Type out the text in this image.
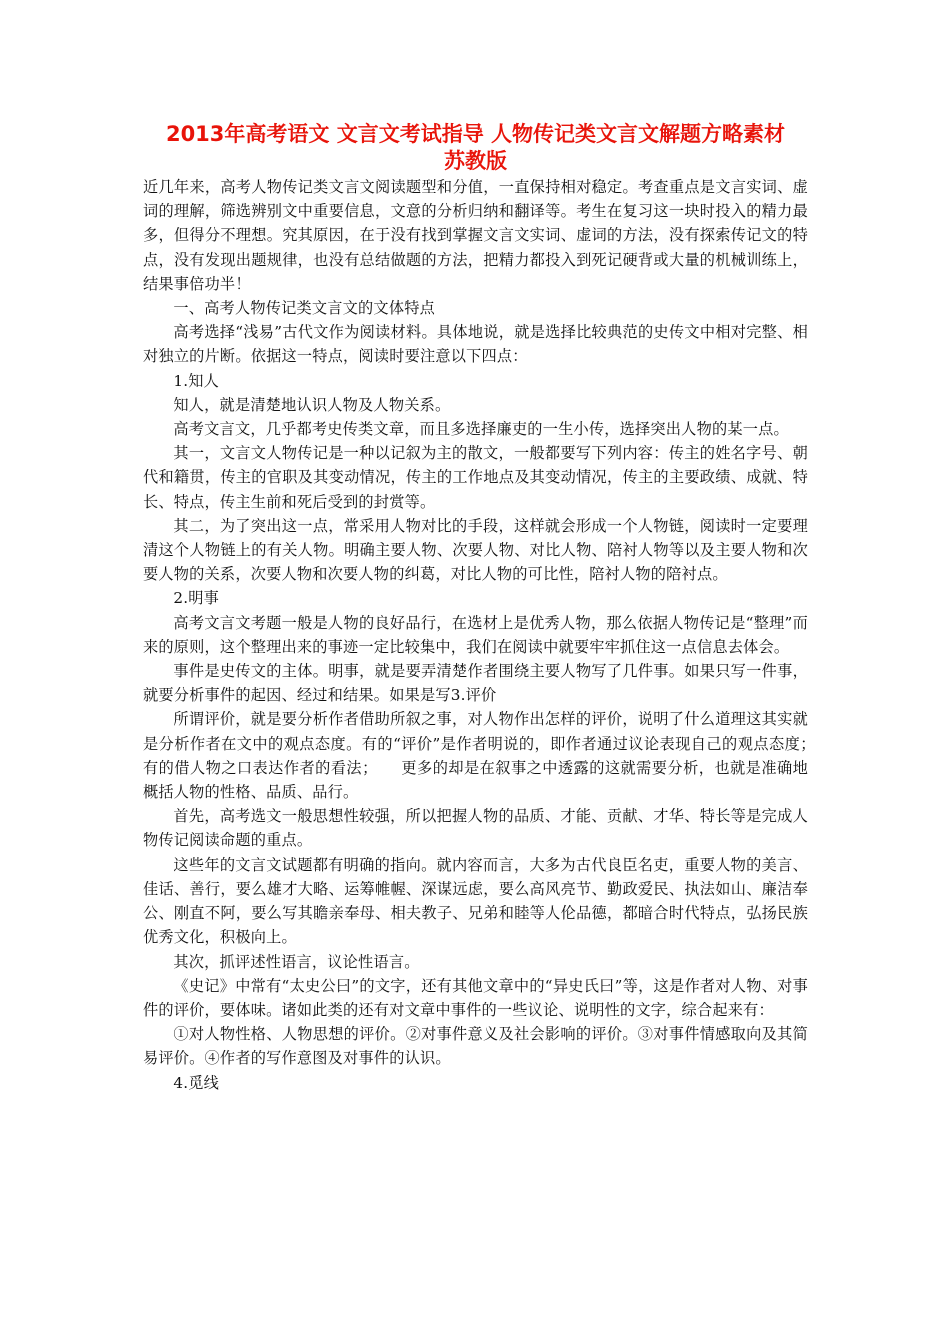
2013年高考语文 文言文考试指导 人物传记类文言文解题方略素材
苏教版

近几年来，高考人物传记类文言文阅读题型和分值，一直保持相对稳定。考查重点是文言实词、虚词的理解，筛选辨别文中重要信息，文意的分析归纳和翻译等。考生在复习这一块时投入的精力最多，但得分不理想。究其原因，在于没有找到掌握文言文实词、虚词的方法，没有探索传记文的特点，没有发现出题规律，也没有总结做题的方法，把精力都投入到死记硬背或大量的机械训练上，结果事倍功半！

一、高考人物传记类文言文的文体特点

高考选择“浅易”古代文作为阅读材料。具体地说，就是选择比较典范的史传文中相对完整、相对独立的片断。依据这一特点，阅读时要注意以下四点：

1.知人

知人，就是清楚地认识人物及人物关系。

高考文言文，几乎都考史传类文章，而且多选择廉吏的一生小传，选择突出人物的某一点。

其一，文言文人物传记是一种以记叙为主的散文，一般都要写下列内容：传主的姓名字号、朝代和籍贯，传主的官职及其变动情况，传主的工作地点及其变动情况，传主的主要政绩、成就、特长、特点，传主生前和死后受到的封赏等。

其二，为了突出这一点，常采用人物对比的手段，这样就会形成一个人物链，阅读时一定要理清这个人物链上的有关人物。明确主要人物、次要人物、对比人物、陪衬人物等以及主要人物和次要人物的关系，次要人物和次要人物的纠葛，对比人物的可比性，陪衬人物的陪衬点。

2.明事

高考文言文考题一般是人物的良好品行，在选材上是优秀人物，那么依据人物传记是“整理”而来的原则，这个整理出来的事迹一定比较集中，我们在阅读中就要牢牢抓住这一点信息去体会。

事件是史传文的主体。明事，就是要弄清楚作者围绕主要人物写了几件事。如果只写一件事，就要分析事件的起因、经过和结果。如果是写3.评价

所谓评价，就是要分析作者借助所叙之事，对人物作出怎样的评价，说明了什么道理这其实就是分析作者在文中的观点态度。有的“评价”是作者明说的，即作者通过议论表现自己的观点态度；　　有的借人物之口表达作者的看法；　　更多的却是在叙事之中透露的这就需要分析，也就是准确地概括人物的性格、品质、品行。

首先，高考选文一般思想性较强，所以把握人物的品质、才能、贡献、才华、特长等是完成人物传记阅读命题的重点。

这些年的文言文试题都有明确的指向。就内容而言，大多为古代良臣名吏，重要人物的美言、佳话、善行，要么雄才大略、运筹帷幄、深谋远虑，要么高风亮节、勤政爱民、执法如山、廉洁奉公、刚直不阿，要么写其瞻亲奉母、相夫教子、兄弟和睦等人伦品德，都暗合时代特点，弘扬民族优秀文化，积极向上。

其次，抓评述性语言，议论性语言。

《史记》中常有“太史公曰”的文字，还有其他文章中的“异史氏曰”等，这是作者对人物、对事件的评价，要体味。诸如此类的还有对文章中事件的一些议论、说明性的文字，综合起来有：

①对人物性格、人物思想的评价。②对事件意义及社会影响的评价。③对事件情感取向及其简易评价。④作者的写作意图及对事件的认识。

4.觅线
